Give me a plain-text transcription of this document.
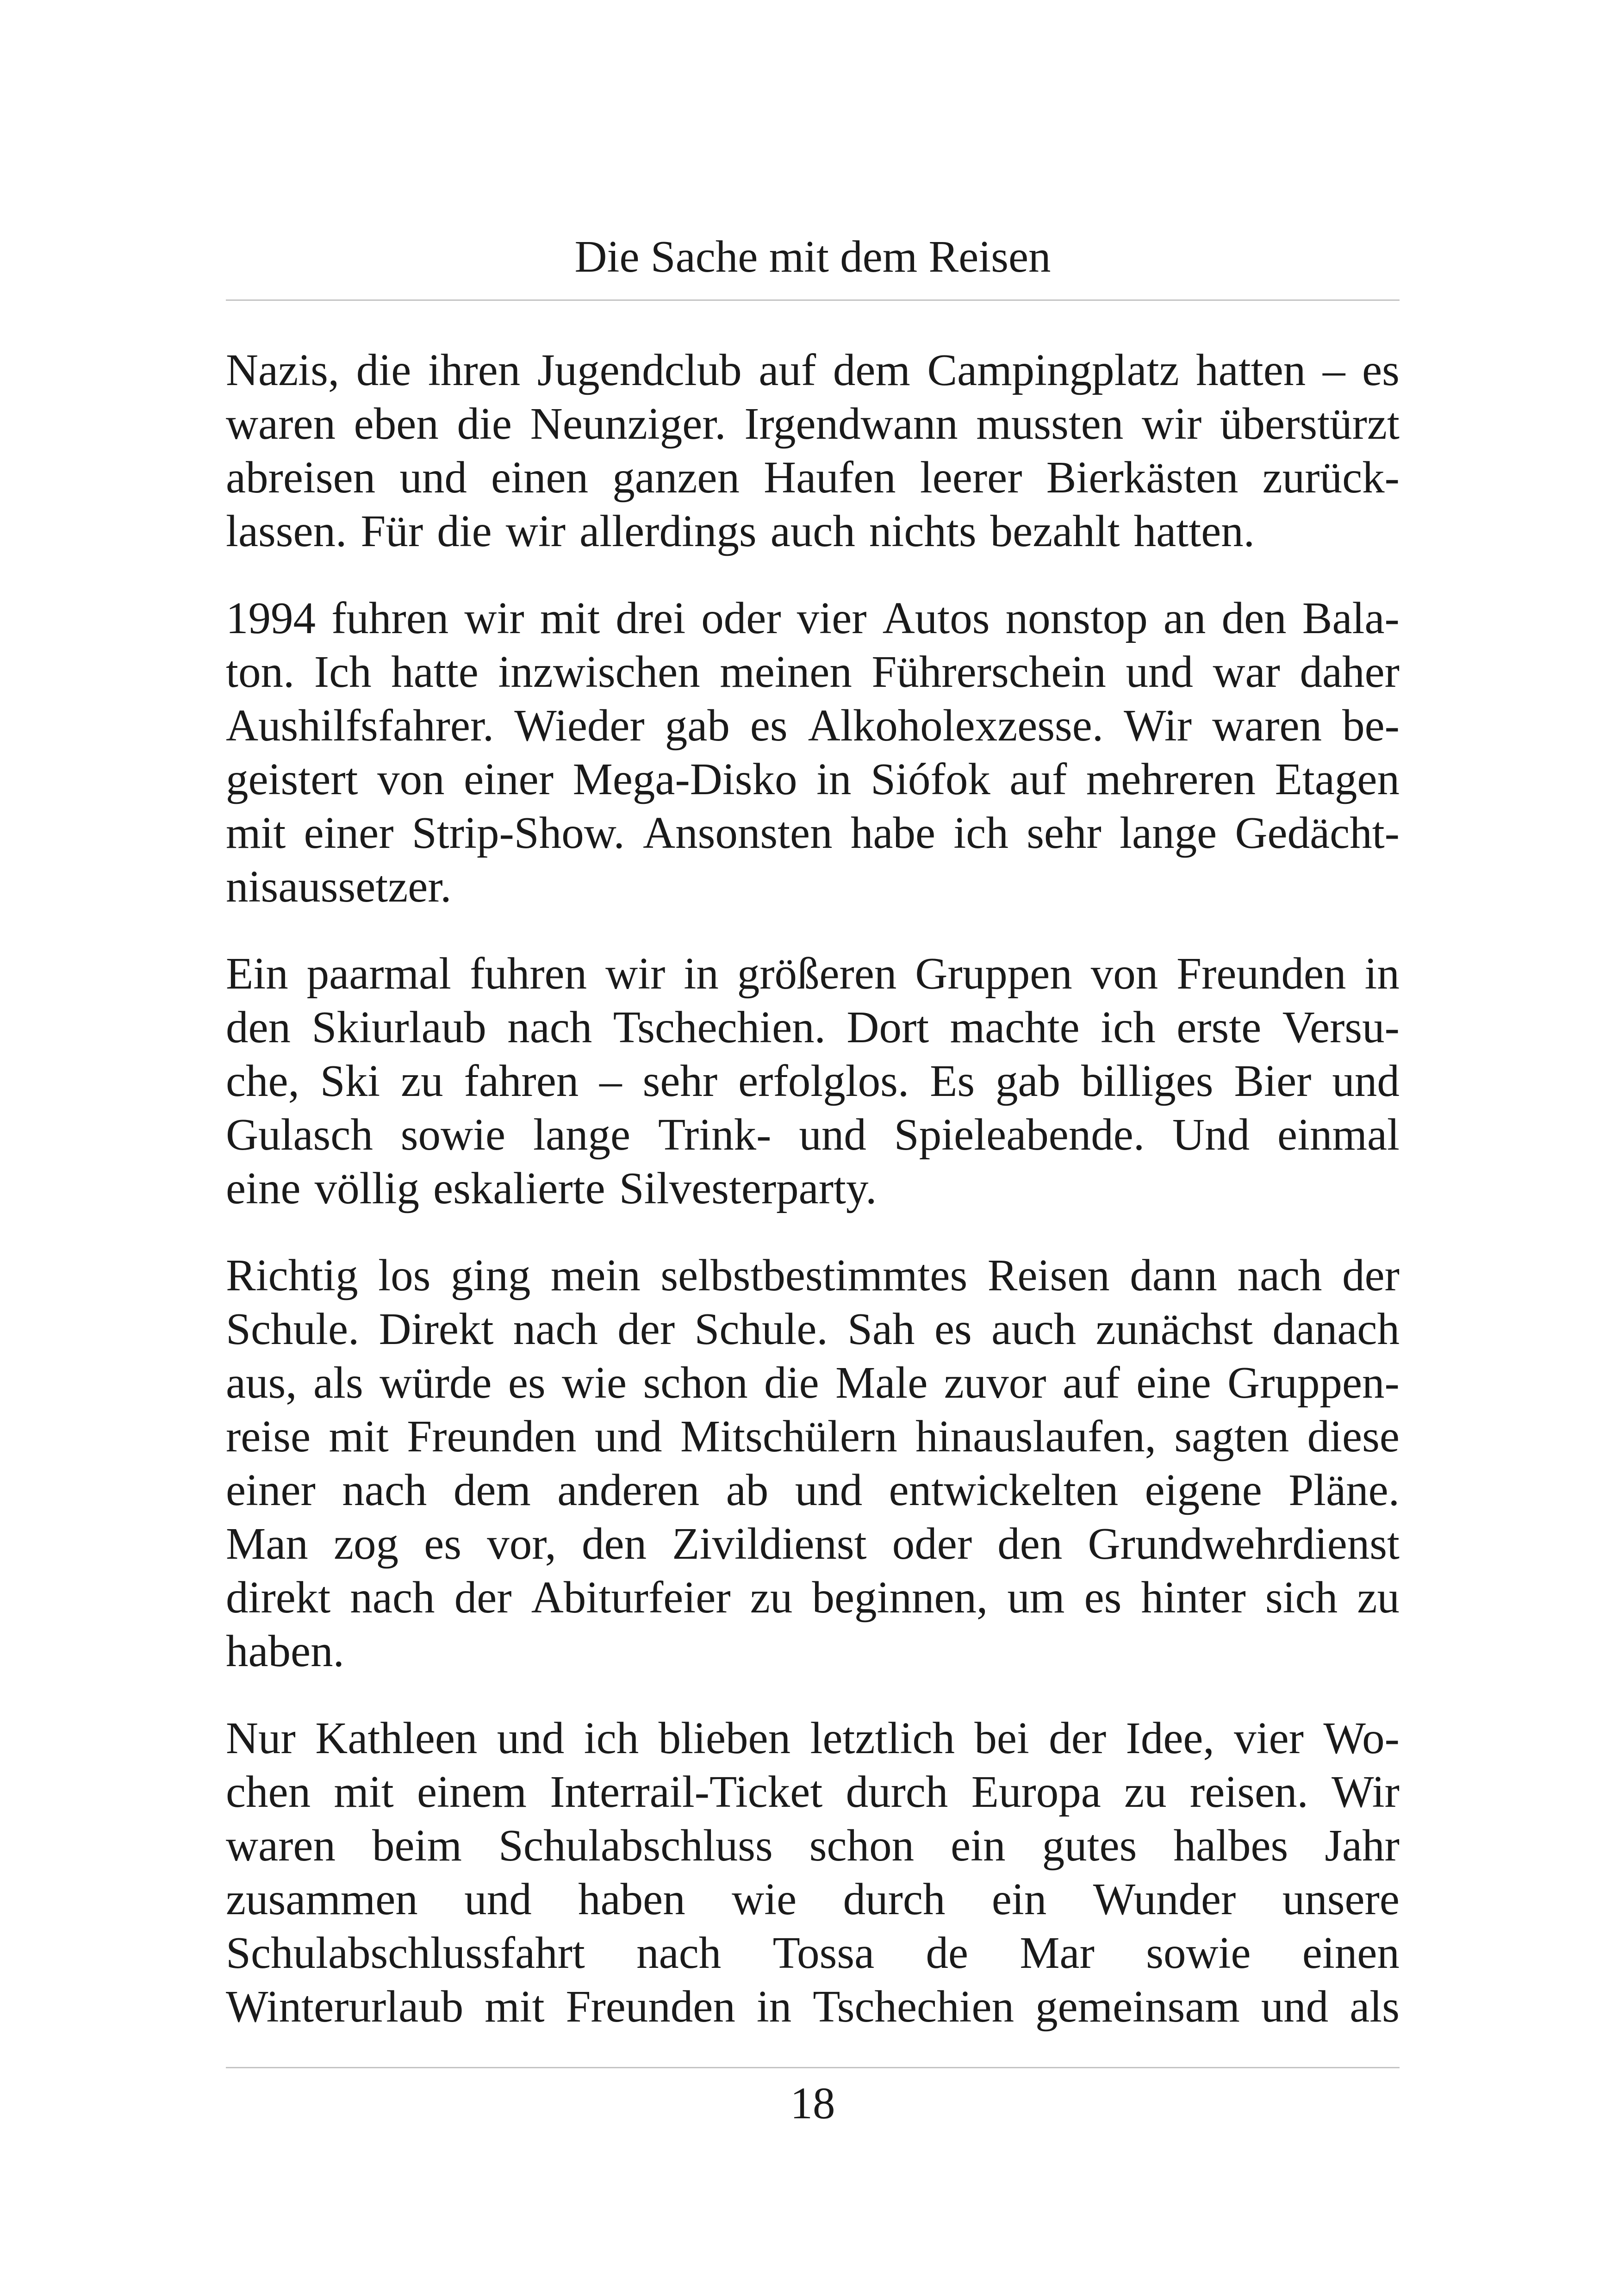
Die Sache mit dem Reisen
Nazis, die ihren Jugendclub auf dem Campingplatz hatten – es
waren eben die Neunziger. Irgendwann mussten wir überstürzt
abreisen und einen ganzen Haufen leerer Bierkästen zurück-
lassen. Für die wir allerdings auch nichts bezahlt hatten.
1994 fuhren wir mit drei oder vier Autos nonstop an den Bala-
ton. Ich hatte inzwischen meinen Führerschein und war daher
Aushilfsfahrer. Wieder gab es Alkoholexzesse. Wir waren be-
geistert von einer Mega-Disko in Siófok auf mehreren Etagen
mit einer Strip-Show. Ansonsten habe ich sehr lange Gedächt-
nisaussetzer.
Ein paarmal fuhren wir in größeren Gruppen von Freunden in
den Skiurlaub nach Tschechien. Dort machte ich erste Versu-
che, Ski zu fahren – sehr erfolglos. Es gab billiges Bier und
Gulasch sowie lange Trink- und Spieleabende. Und einmal
eine völlig eskalierte Silvesterparty.
Richtig los ging mein selbstbestimmtes Reisen dann nach der
Schule. Direkt nach der Schule. Sah es auch zunächst danach
aus, als würde es wie schon die Male zuvor auf eine Gruppen-
reise mit Freunden und Mitschülern hinauslaufen, sagten diese
einer nach dem anderen ab und entwickelten eigene Pläne.
Man zog es vor, den Zivildienst oder den Grundwehrdienst
direkt nach der Abiturfeier zu beginnen, um es hinter sich zu
haben.
Nur Kathleen und ich blieben letztlich bei der Idee, vier Wo-
chen mit einem Interrail-Ticket durch Europa zu reisen. Wir
waren beim Schulabschluss schon ein gutes halbes Jahr
zusammen und haben wie durch ein Wunder unsere
Schulabschlussfahrt nach Tossa de Mar sowie einen
Winterurlaub mit Freunden in Tschechien gemeinsam und als
18
